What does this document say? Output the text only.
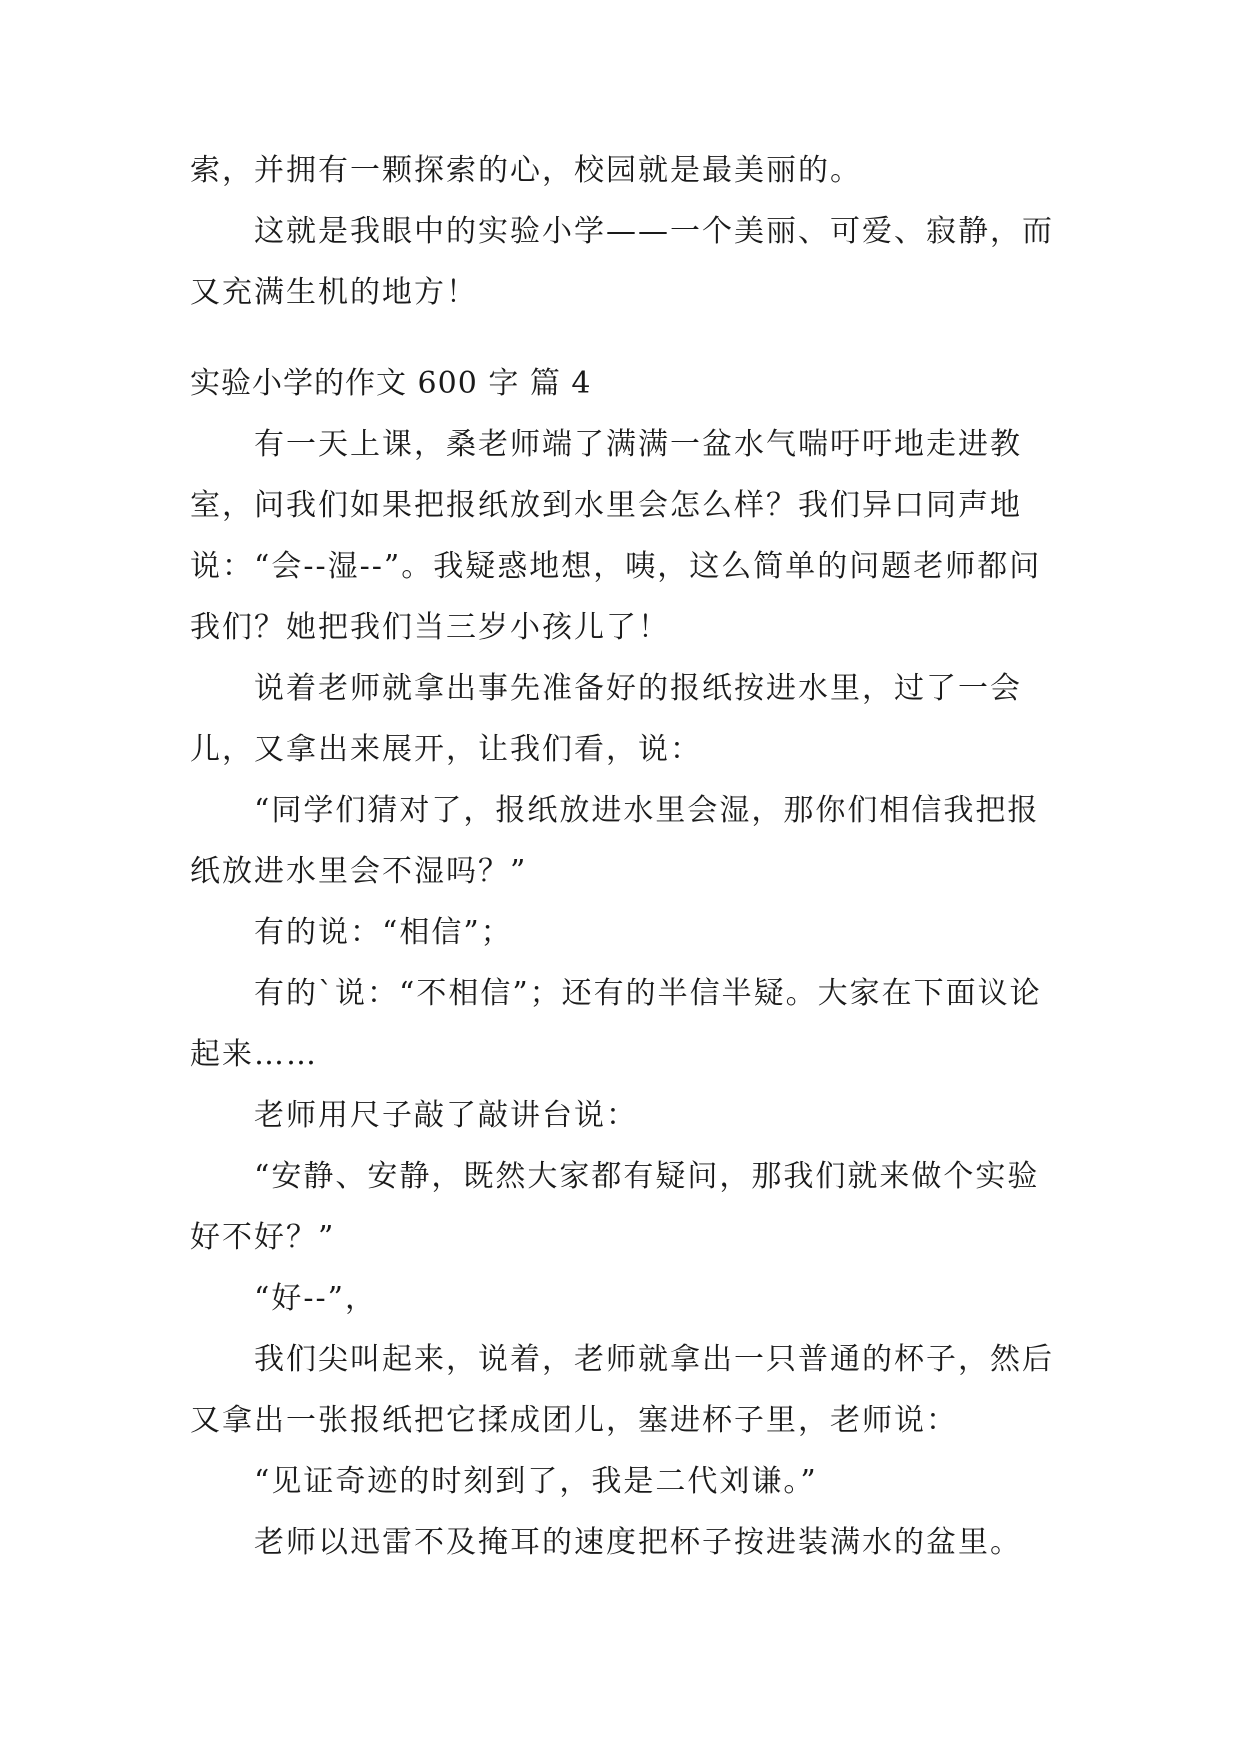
索，并拥有一颗探索的心，校园就是最美丽的。

这就是我眼中的实验小学——一个美丽、可爱、寂静，而又充满生机的地方！

实验小学的作文 600 字 篇 4

有一天上课，桑老师端了满满一盆水气喘吁吁地走进教室，问我们如果把报纸放到水里会怎么样？我们异口同声地说：“会--湿--”。我疑惑地想，咦，这么简单的问题老师都问我们？她把我们当三岁小孩儿了！

说着老师就拿出事先准备好的报纸按进水里，过了一会儿，又拿出来展开，让我们看，说：

“同学们猜对了，报纸放进水里会湿，那你们相信我把报纸放进水里会不湿吗？”

有的说：“相信”；

有的`说：“不相信”；还有的半信半疑。大家在下面议论起来……

老师用尺子敲了敲讲台说：

“安静、安静，既然大家都有疑问，那我们就来做个实验好不好？”

“好--”，

我们尖叫起来，说着，老师就拿出一只普通的杯子，然后又拿出一张报纸把它揉成团儿，塞进杯子里，老师说：

“见证奇迹的时刻到了，我是二代刘谦。”

老师以迅雷不及掩耳的速度把杯子按进装满水的盆里。
